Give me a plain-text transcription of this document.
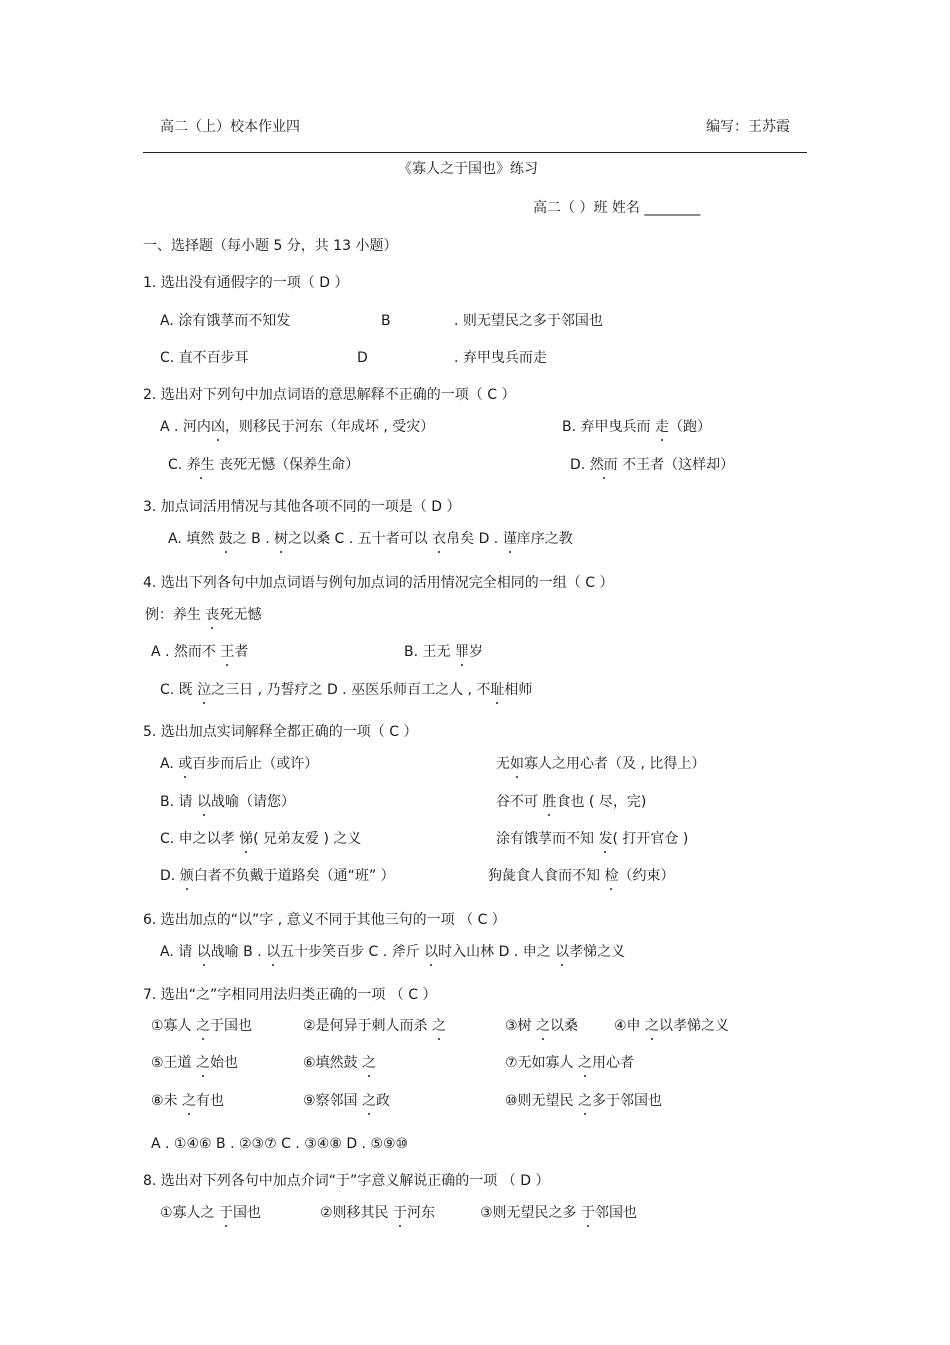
高二（上）校本作业四	编写：王苏霞
《寡人之于国也》练习
高二（ ）班 姓名 ________
一、选择题（每小题 5 分，共 13 小题）
1. 选出没有通假字的一项（ D ）
A. 涂有饿莩而不知发	B	. 则无望民之多于邻国也
C. 直不百步耳	D	. 弃甲曳兵而走
2. 选出对下列句中加点词语的意思解释不正确的一项（ C ）
A . 河内凶，则移民于河东（年成坏 , 受灾）	B. 弃甲曳兵而 走（跑）
C. 养生 丧死无憾（保养生命）	D. 然而 不王者（这样却）
3. 加点词活用情况与其他各项不同的一项是（ D ）
A. 填然 鼓之 B . 树之以桑 C . 五十者可以 衣帛矣 D . 谨庠序之教
4. 选出下列各句中加点词语与例句加点词的活用情况完全相同的一组（ C ）
例：养生 丧死无憾
A . 然而不 王者	B. 王无 罪岁
C. 既 泣之三日 , 乃誓疗之 D . 巫医乐师百工之人 , 不耻相师
5. 选出加点实词解释全都正确的一项（ C ）
A. 或百步而后止（或许）	无如寡人之用心者（及 , 比得上）
B. 请 以战喻（请您）	谷不可 胜食也 ( 尽，完)
C. 申之以孝 悌( 兄弟友爱 ) 之义	涂有饿莩而不知 发( 打开官仓 )
D. 颁白者不负戴于道路矣（通“班” ）	狗彘食人食而不知 检（约束）
6. 选出加点的“以”字 , 意义不同于其他三句的一项 （ C ）
A. 请 以战喻 B . 以五十步笑百步 C . 斧斤 以时入山林 D . 申之 以孝悌之义
7. 选出“之”字相同用法归类正确的一项 （ C ）
①寡人 之于国也	②是何异于刺人而杀 之	③树 之以桑	④申 之以孝悌之义
⑤王道 之始也	⑥填然鼓 之	⑦无如寡人 之用心者
⑧未 之有也	⑨察邻国 之政	⑩则无望民 之多于邻国也
A . ①④⑥ B . ②③⑦ C . ③④⑧ D . ⑤⑨⑩
8. 选出对下列各句中加点介词“于”字意义解说正确的一项 （ D ）
①寡人之 于国也	②则移其民 于河东	③则无望民之多 于邻国也
